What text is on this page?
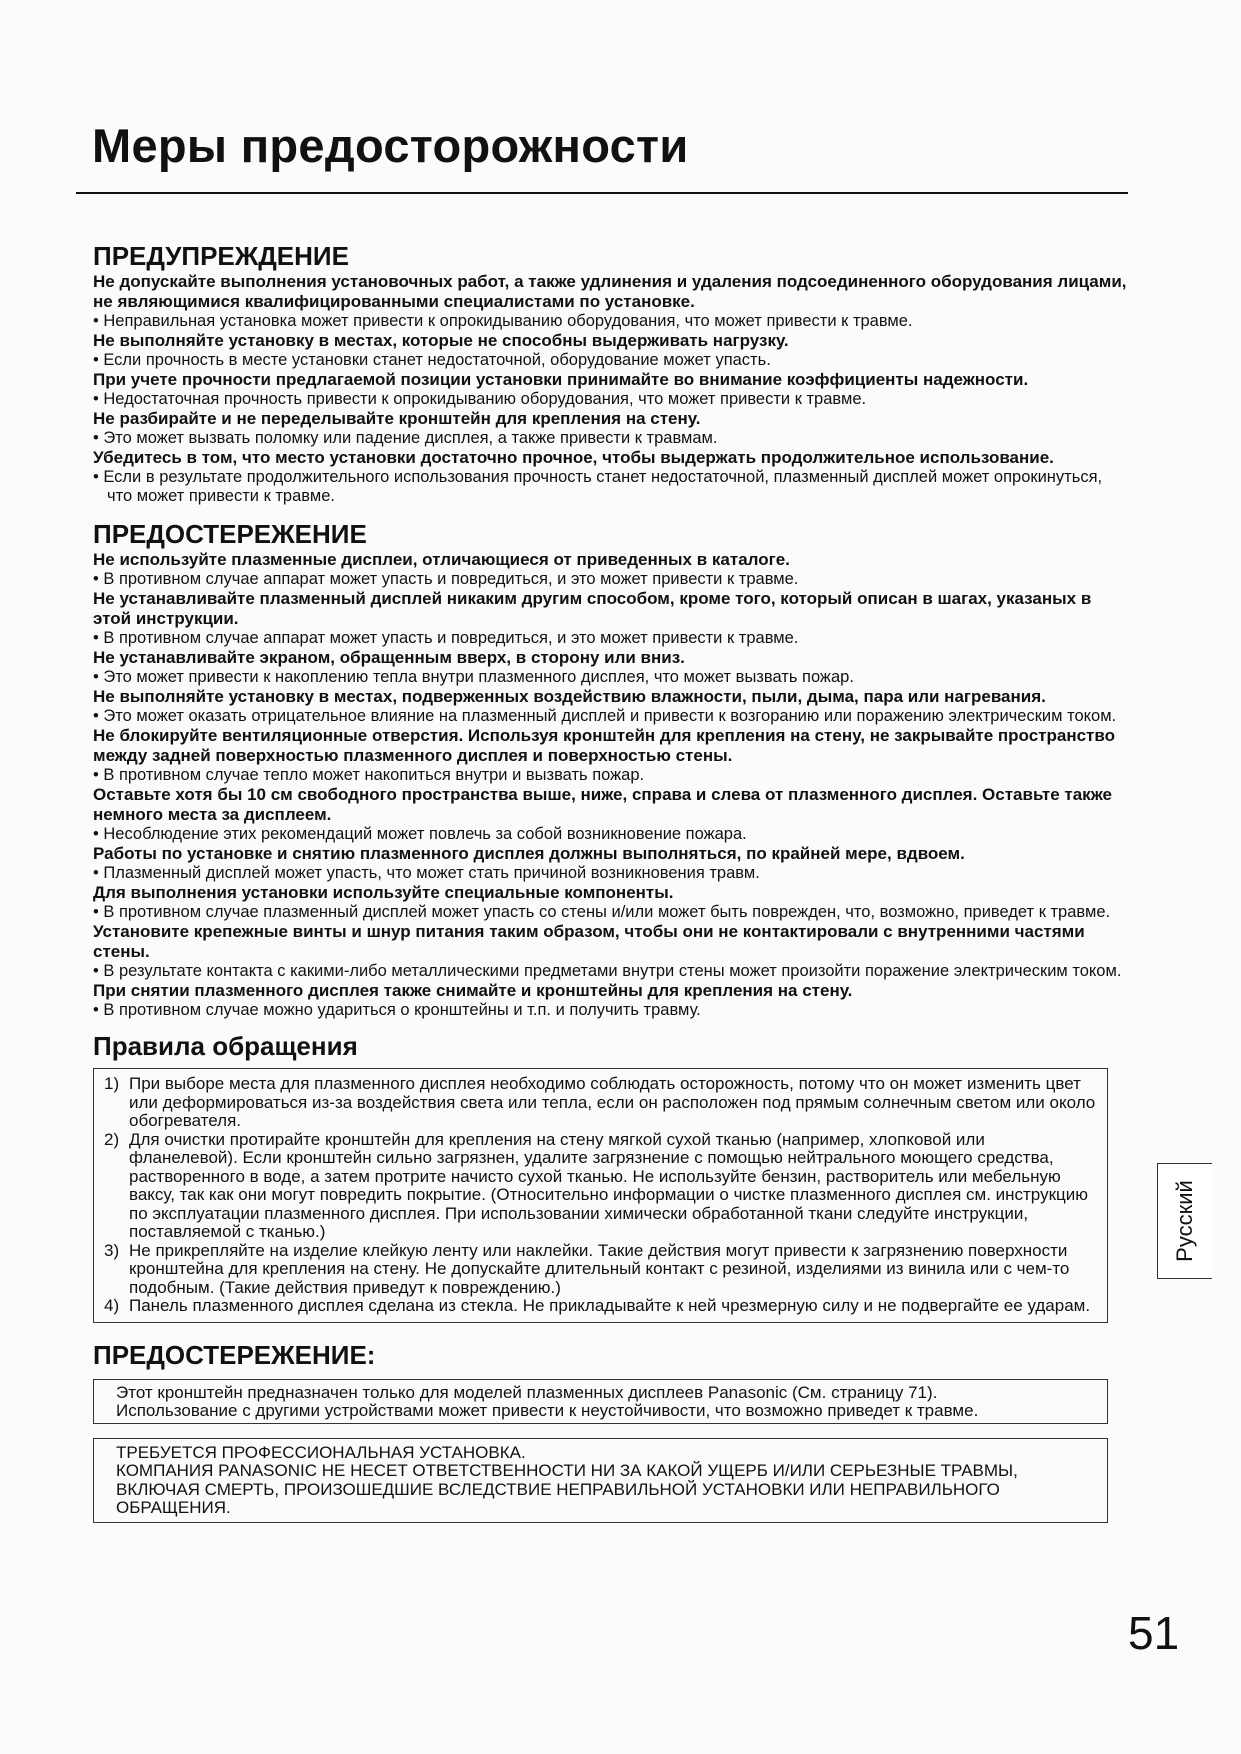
Меры предосторожности
ПРЕДУПРЕЖДЕНИЕ

Не допускайте выполнения установочных работ, а также удлинения и удаления подсоединенного оборудования лицами, не являющимися квалифицированными специалистами по установке.

• Неправильная установка может привести к опрокидыванию оборудования, что может привести к травме.

Не выполняйте установку в местах, которые не способны выдерживать нагрузку.

• Если прочность в месте установки станет недостаточной, оборудование может упасть.

При учете прочности предлагаемой позиции установки принимайте во внимание коэффициенты надежности.

• Недостаточная прочность привести к опрокидыванию оборудования, что может привести к травме.

Не разбирайте и не переделывайте кронштейн для крепления на стену.

• Это может вызвать поломку или падение дисплея, а также привести к травмам.

Убедитесь в том, что место установки достаточно прочное, чтобы выдержать продолжительное использование.

• Если в результате продолжительного использования прочность станет недостаточной, плазменный дисплей может опрокинуться, что может привести к травме.

ПРЕДОСТЕРЕЖЕНИЕ

Не используйте плазменные дисплеи, отличающиеся от приведенных в каталоге.

• В противном случае аппарат может упасть и повредиться, и это может привести к травме.

Не устанавливайте плазменный дисплей никаким другим способом, кроме того, который описан в шагах, указаных в этой инструкции.

• В противном случае аппарат может упасть и повредиться, и это может привести к травме.

Не устанавливайте экраном, обращенным вверх, в сторону или вниз.

• Это может привести к накоплению тепла внутри плазменного дисплея, что может вызвать пожар.

Не выполняйте установку в местах, подверженных воздействию влажности, пыли, дыма, пара или нагревания.

• Это может оказать отрицательное влияние на плазменный дисплей и привести к возгоранию или поражению электрическим током.

Не блокируйте вентиляционные отверстия. Используя кронштейн для крепления на стену, не закрывайте пространство между задней поверхностью плазменного дисплея и поверхностью стены.

• В противном случае тепло может накопиться внутри и вызвать пожар.

Оставьте хотя бы 10 см свободного пространства выше, ниже, справа и слева от плазменного дисплея. Оставьте также немного места за дисплеем.

• Несоблюдение этих рекомендаций может повлечь за собой возникновение пожара.

Работы по установке и снятию плазменного дисплея должны выполняться, по крайней мере, вдвоем.

• Плазменный дисплей может упасть, что может стать причиной возникновения травм.

Для выполнения установки используйте специальные компоненты.

• В противном случае плазменный дисплей может упасть со стены и/или может быть поврежден, что, возможно, приведет к травме.

Установите крепежные винты и шнур питания таким образом, чтобы они не контактировали с внутренними частями стены.

• В результате контакта с какими-либо металлическими предметами внутри стены может произойти поражение электрическим током.

При снятии плазменного дисплея также снимайте и кронштейны для крепления на стену.

• В противном случае можно удариться о кронштейны и т.п. и получить травму.

Правила обращения

1) При выборе места для плазменного дисплея необходимо соблюдать осторожность, потому что он может изменить цвет или деформироваться из-за воздействия света или тепла, если он расположен под прямым солнечным светом или около обогревателя.

2) Для очистки протирайте кронштейн для крепления на стену мягкой сухой тканью (например, хлопковой или фланелевой). Если кронштейн сильно загрязнен, удалите загрязнение с помощью нейтрального моющего средства, растворенного в воде, а затем протрите начисто сухой тканью. Не используйте бензин, растворитель или мебельную ваксу, так как они могут повредить покрытие. (Относительно информации о чистке плазменного дисплея см. инструкцию по эксплуатации плазменного дисплея. При использовании химически обработанной ткани следуйте инструкции, поставляемой с тканью.)

3) Не прикрепляйте на изделие клейкую ленту или наклейки. Такие действия могут привести к загрязнению поверхности кронштейна для крепления на стену. Не допускайте длительный контакт с резиной, изделиями из винила или с чем-то подобным. (Такие действия приведут к повреждению.)

4) Панель плазменного дисплея сделана из стекла. Не прикладывайте к ней чрезмерную силу и не подвергайте ее ударам.

ПРЕДОСТЕРЕЖЕНИЕ:

Этот кронштейн предназначен только для моделей плазменных дисплеев Panasonic (См. страницу 71).

Использование с другими устройствами может привести к неустойчивости, что возможно приведет к травме.

ТРЕБУЕТСЯ ПРОФЕССИОНАЛЬНАЯ УСТАНОВКА.

КОМПАНИЯ PANASONIC НЕ НЕСЕТ ОТВЕТСТВЕННОСТИ НИ ЗА КАКОЙ УЩЕРБ И/ИЛИ СЕРЬЕЗНЫЕ ТРАВМЫ, ВКЛЮЧАЯ СМЕРТЬ, ПРОИЗОШЕДШИЕ ВСЛЕДСТВИЕ НЕПРАВИЛЬНОЙ УСТАНОВКИ ИЛИ НЕПРАВИЛЬНОГО ОБРАЩЕНИЯ.

Русский
51
